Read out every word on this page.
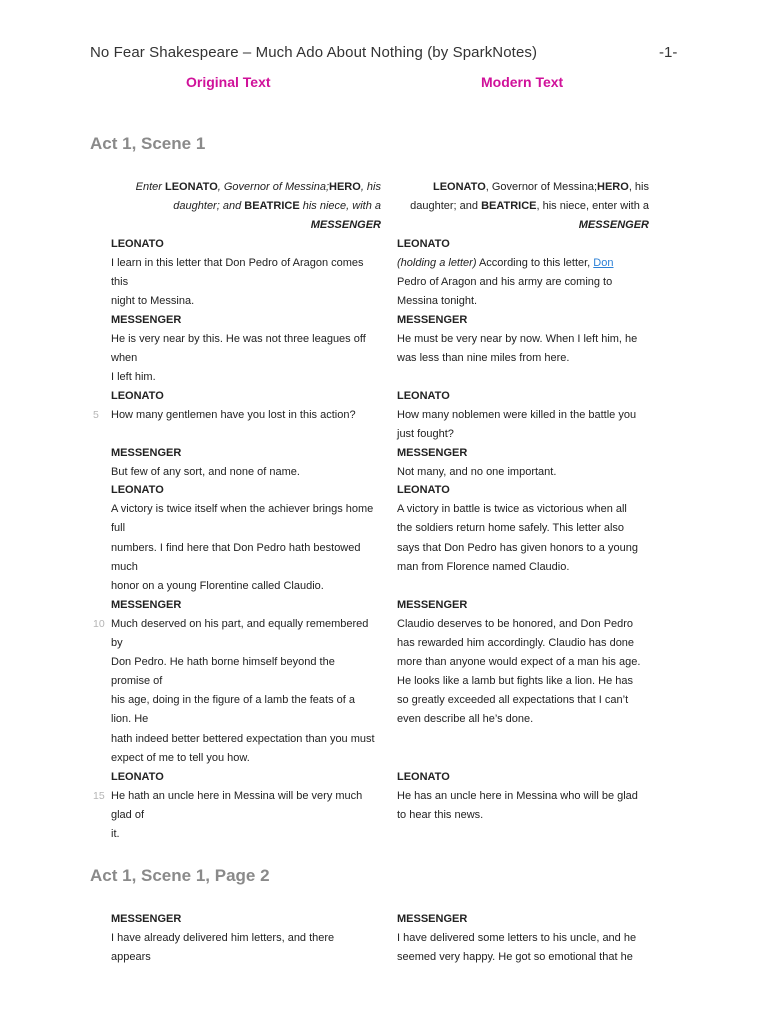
No Fear Shakespeare – Much Ado About Nothing (by SparkNotes)	-1-
Original Text	Modern Text
Act 1, Scene 1
Enter LEONATO, Governor of Messina;HERO, his
daughter; and BEATRICE his niece, with a
MESSENGER
LEONATO, Governor of Messina;HERO, his
daughter; and BEATRICE, his niece, enter with a
MESSENGER
LEONATO
I learn in this letter that Don Pedro of Aragon comes
this
night to Messina.
MESSENGER
He is very near by this. He was not three leagues off
when
I left him.
LEONATO
5 How many gentlemen have you lost in this action?
MESSENGER
But few of any sort, and none of name.
LEONATO
A victory is twice itself when the achiever brings home
full
numbers. I find here that Don Pedro hath bestowed
much
honor on a young Florentine called Claudio.
MESSENGER
10 Much deserved on his part, and equally remembered
by
Don Pedro. He hath borne himself beyond the
promise of
his age, doing in the figure of a lamb the feats of a
lion. He
hath indeed better bettered expectation than you must
expect of me to tell you how.
LEONATO
15 He hath an uncle here in Messina will be very much
glad of
it.
LEONATO
(holding a letter) According to this letter, Don
Pedro of Aragon and his army are coming to
Messina tonight.
MESSENGER
He must be very near by now. When I left him, he
was less than nine miles from here.
LEONATO
How many noblemen were killed in the battle you
just fought?
MESSENGER
Not many, and no one important.
LEONATO
A victory in battle is twice as victorious when all
the soldiers return home safely. This letter also
says that Don Pedro has given honors to a young
man from Florence named Claudio.
MESSENGER
Claudio deserves to be honored, and Don Pedro
has rewarded him accordingly. Claudio has done
more than anyone would expect of a man his age.
He looks like a lamb but fights like a lion. He has
so greatly exceeded all expectations that I can’t
even describe all he’s done.
LEONATO
He has an uncle here in Messina who will be glad
to hear this news.
Act 1, Scene 1, Page 2
MESSENGER
I have already delivered him letters, and there
appears
MESSENGER
I have delivered some letters to his uncle, and he
seemed very happy. He got so emotional that he
